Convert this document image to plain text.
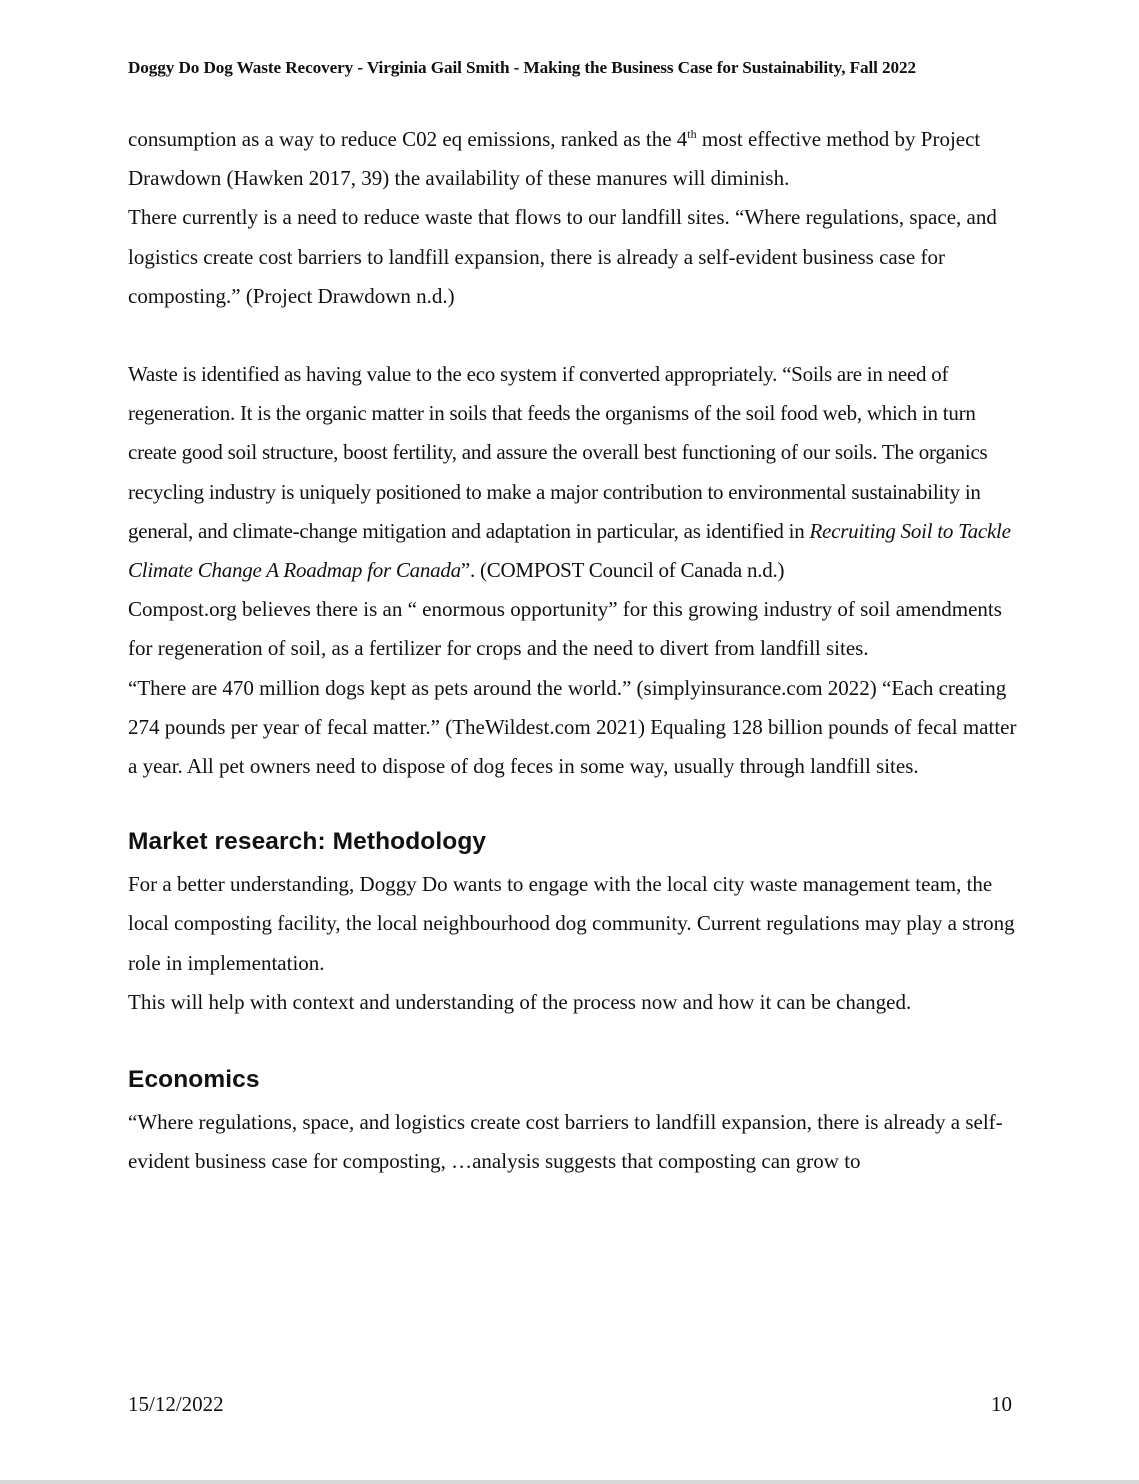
Doggy Do Dog Waste Recovery - Virginia Gail Smith - Making the Business Case for Sustainability, Fall 2022

consumption as a way to reduce C02 eq emissions, ranked as the 4th most effective method by Project Drawdown (Hawken 2017, 39) the availability of these manures will diminish.

There currently is a need to reduce waste that flows to our landfill sites. “Where regulations, space, and logistics create cost barriers to landfill expansion, there is already a self-evident business case for composting.” (Project Drawdown n.d.)

Waste is identified as having value to the eco system if converted appropriately. “Soils are in need of regeneration. It is the organic matter in soils that feeds the organisms of the soil food web, which in turn create good soil structure, boost fertility, and assure the overall best functioning of our soils. The organics recycling industry is uniquely positioned to make a major contribution to environmental sustainability in general, and climate-change mitigation and adaptation in particular, as identified in Recruiting Soil to Tackle Climate Change A Roadmap for Canada”. (COMPOST Council of Canada n.d.)

Compost.org believes there is an “ enormous opportunity” for this growing industry of soil amendments for regeneration of soil, as a fertilizer for crops and the need to divert from landfill sites.

“There are 470 million dogs kept as pets around the world.” (simplyinsurance.com 2022) “Each creating 274 pounds per year of fecal matter.” (TheWildest.com 2021) Equaling 128 billion pounds of fecal matter a year. All pet owners need to dispose of dog feces in some way, usually through landfill sites.

Market research: Methodology

For a better understanding, Doggy Do wants to engage with the local city waste management team, the local composting facility, the local neighbourhood dog community. Current regulations may play a strong role in implementation.

This will help with context and understanding of the process now and how it can be changed.

Economics

“Where regulations, space, and logistics create cost barriers to landfill expansion, there is already a self-evident business case for composting, …analysis suggests that composting can grow to

15/12/2022	10
